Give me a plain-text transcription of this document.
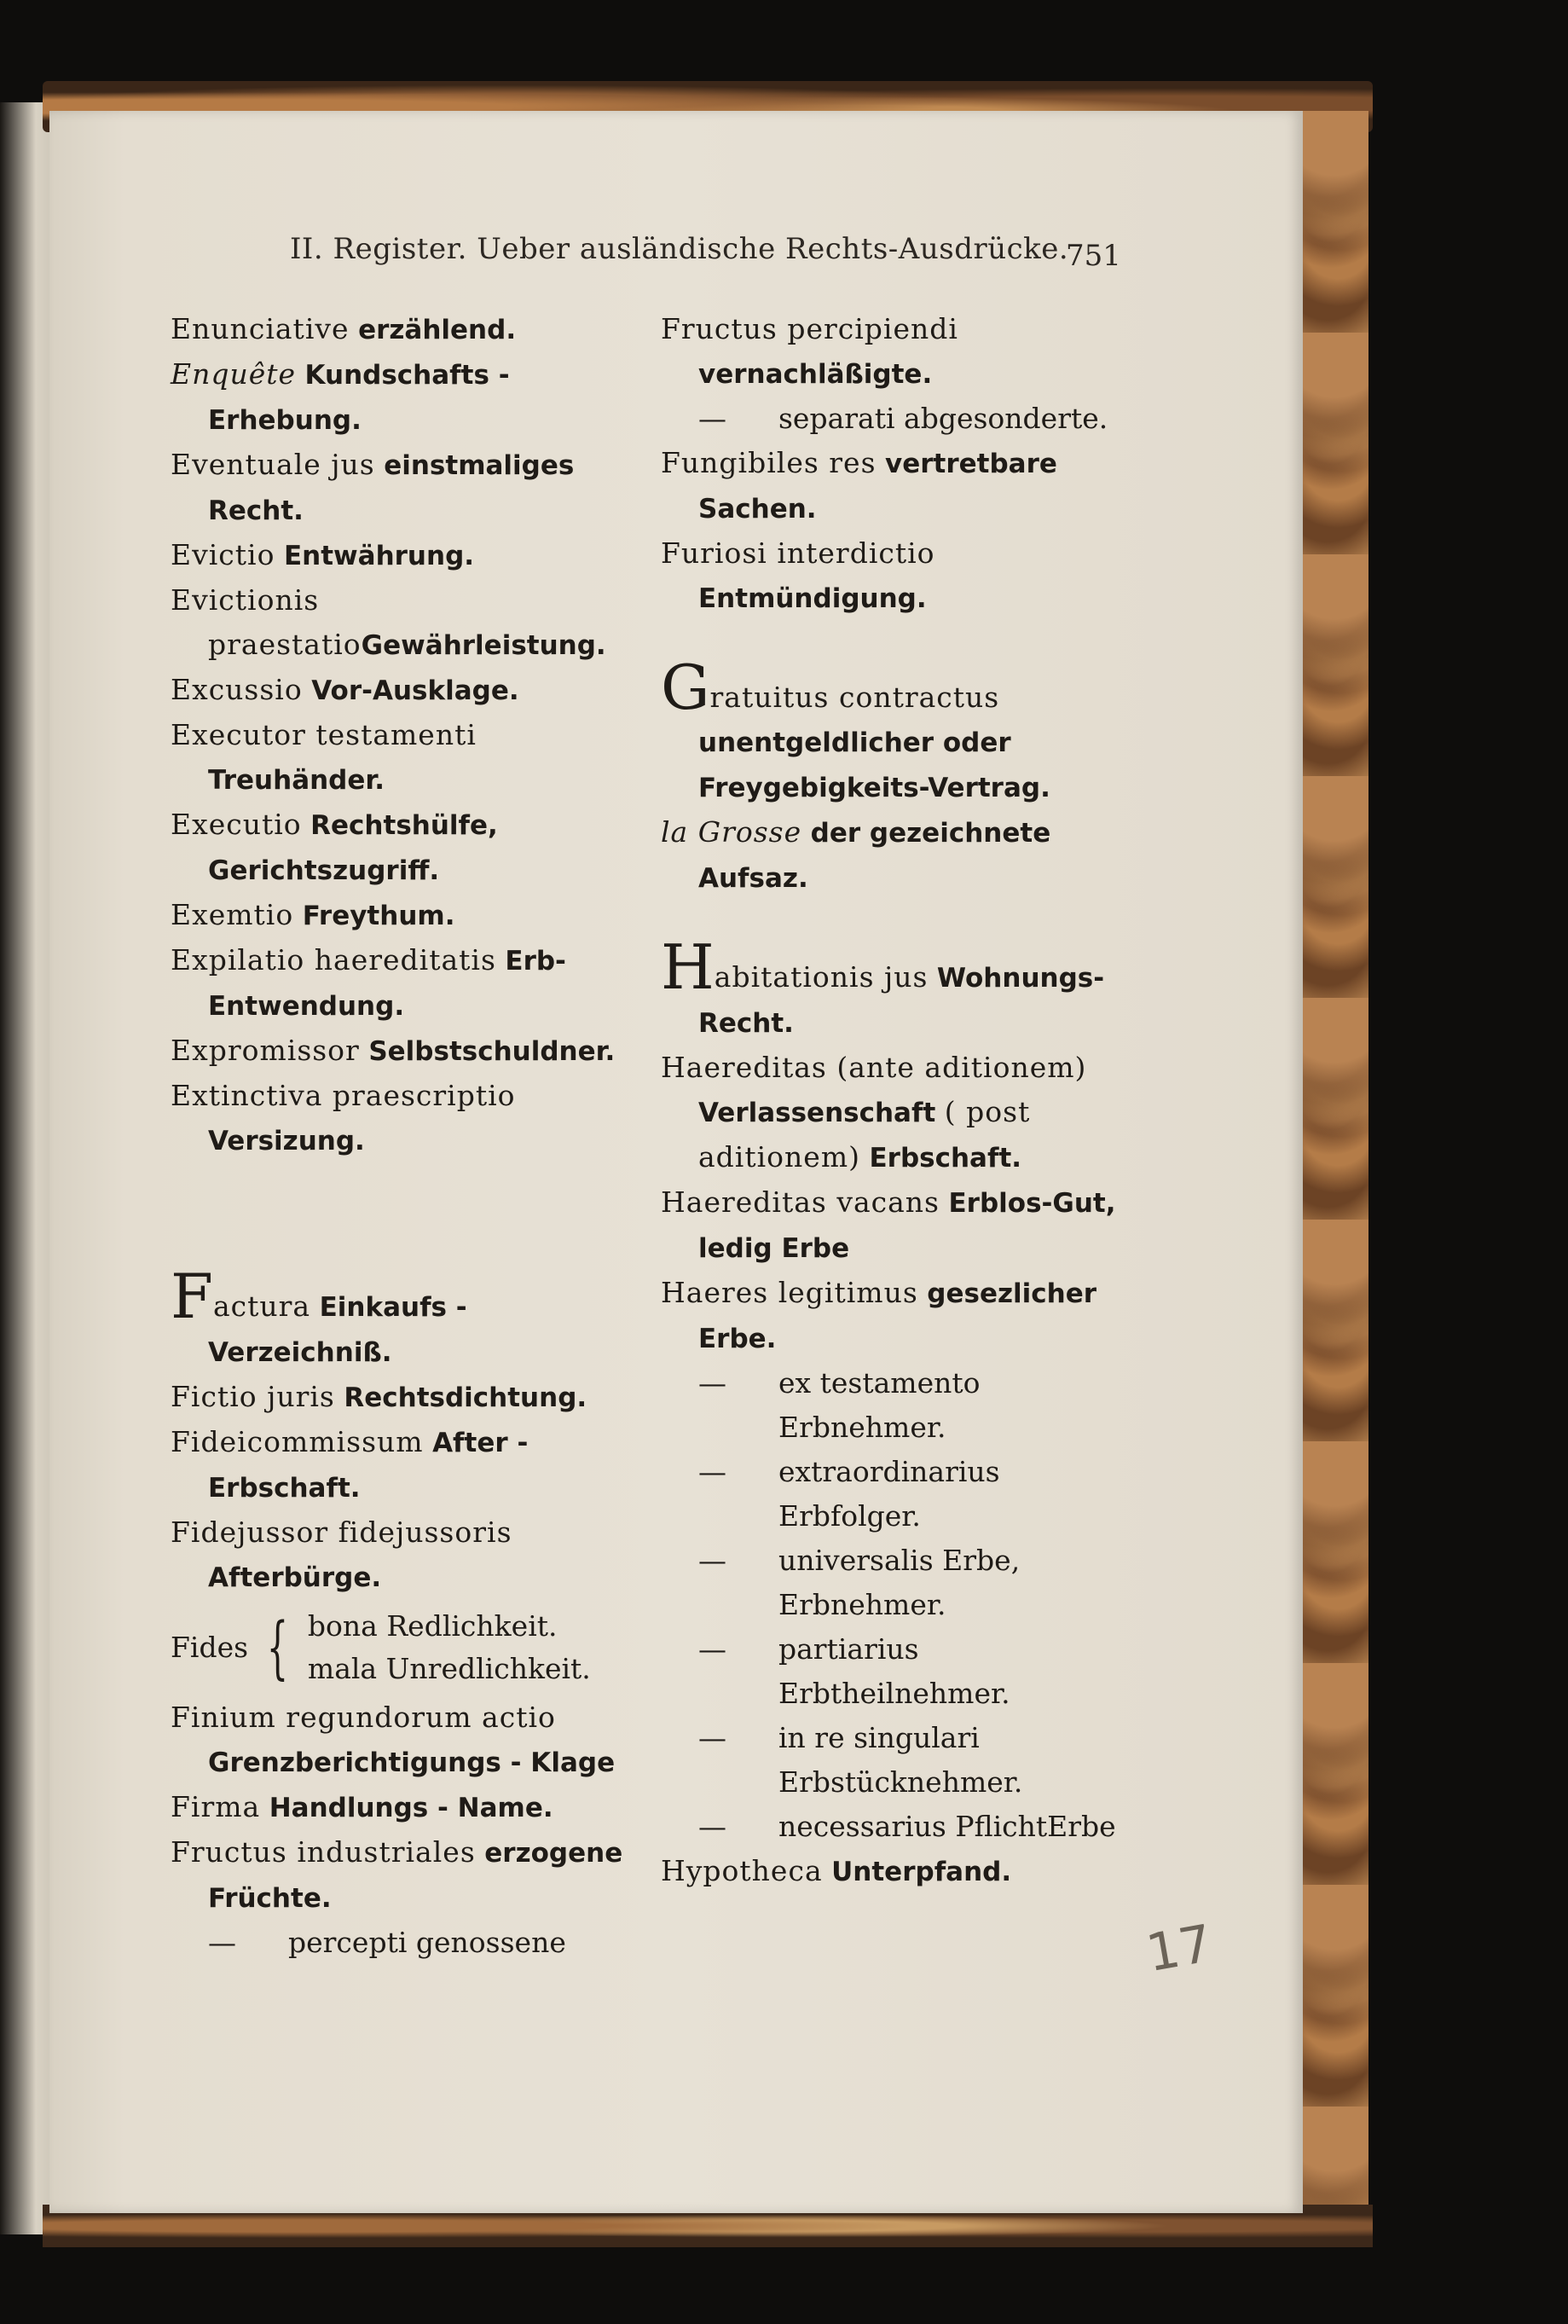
II. Register. Ueber ausländische Rechts-Ausdrücke.
751

Enunciative erzählend.

Enquête Kundschafts - Erhebung.

Eventuale jus einstmaliges Recht.

Evictio Entwährung.

Evictionis praestatioGewährleistung.

Excussio Vor-Ausklage.

Executor testamenti Treuhänder.

Executio Rechtshülfe, Gerichtszugriff.

Exemtio Freythum.

Expilatio haereditatis Erb-Entwendung.

Expromissor Selbstschuldner.

Extinctiva praescriptio Versizung.

Factura Einkaufs - Verzeichniß.

Fictio juris Rechtsdichtung.

Fideicommissum After - Erbschaft.

Fidejussor fidejussoris Afterbürge.

Fides { bona Redlichkeit.
mala Unredlichkeit.

Finium regundorum actio Grenzberichtigungs - Klage

Firma Handlungs - Name.

Fructus industriales erzogene Früchte.

— percepti genossene

Fructus percipiendi vernachläßigte.

— separati abgesonderte.

Fungibiles res vertretbare Sachen.

Furiosi interdictio Entmündigung.

Gratuitus contractus unentgeldlicher oder Freygebigkeits-Vertrag.

la Grosse der gezeichnete Aufsaz.

Habitationis jus Wohnungs-Recht.

Haereditas (ante aditionem) Verlassenschaft ( post aditionem) Erbschaft.

Haereditas vacans Erblos-Gut, ledig Erbe

Haeres legitimus gesezlicher Erbe.

— ex testamento Erbnehmer.

— extraordinarius Erbfolger.

— universalis Erbe, Erbnehmer.

— partiarius Erbtheilnehmer.

— in re singulari Erbstücknehmer.

— necessarius PflichtErbe

Hypotheca Unterpfand.

17
